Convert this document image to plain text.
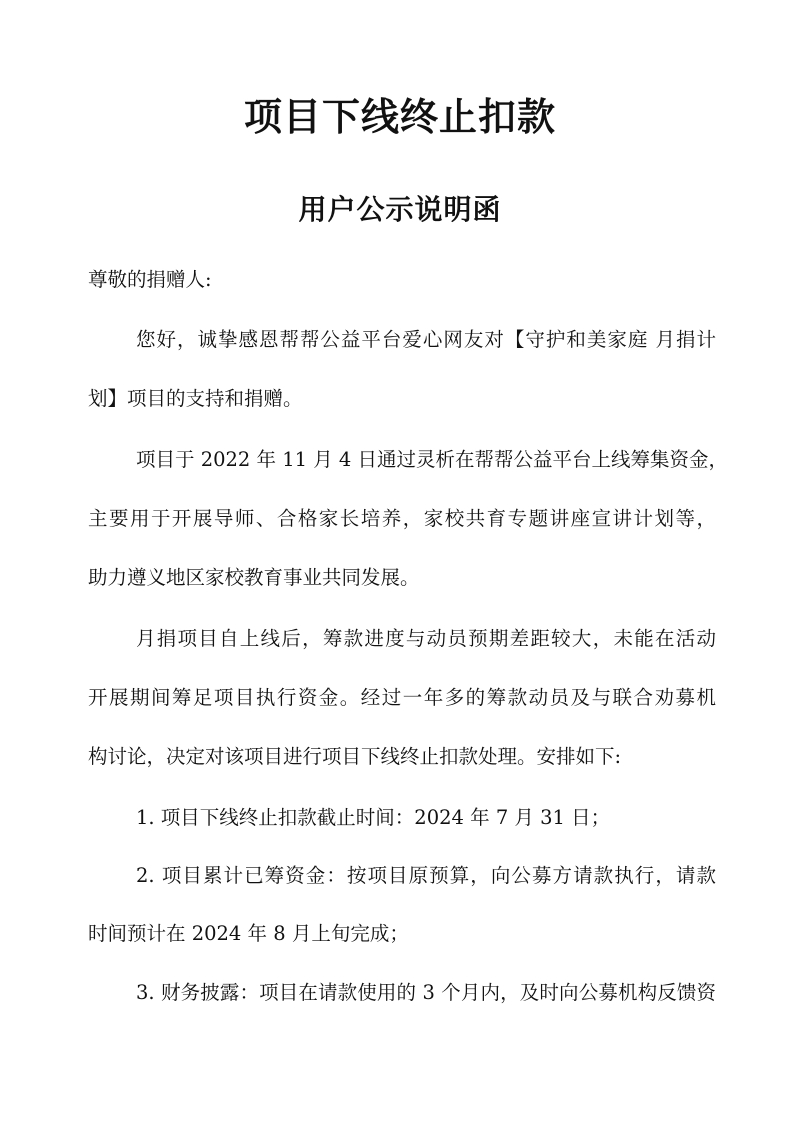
项目下线终止扣款
用户公示说明函
尊敬的捐赠人:
您好，诚挚感恩帮帮公益平台爱心网友对【守护和美家庭 月捐计
划】项目的支持和捐赠。
项目于 2022 年 11 月 4 日通过灵析在帮帮公益平台上线筹集资金，
主要用于开展导师、合格家长培养，家校共育专题讲座宣讲计划等，
助力遵义地区家校教育事业共同发展。
月捐项目自上线后，筹款进度与动员预期差距较大，未能在活动
开展期间筹足项目执行资金。经过一年多的筹款动员及与联合劝募机
构讨论，决定对该项目进行项目下线终止扣款处理。安排如下:
1. 项目下线终止扣款截止时间：2024 年 7 月 31 日；
2. 项目累计已筹资金：按项目原预算，向公募方请款执行，请款
时间预计在 2024 年 8 月上旬完成；
3. 财务披露：项目在请款使用的 3 个月内，及时向公募机构反馈资
